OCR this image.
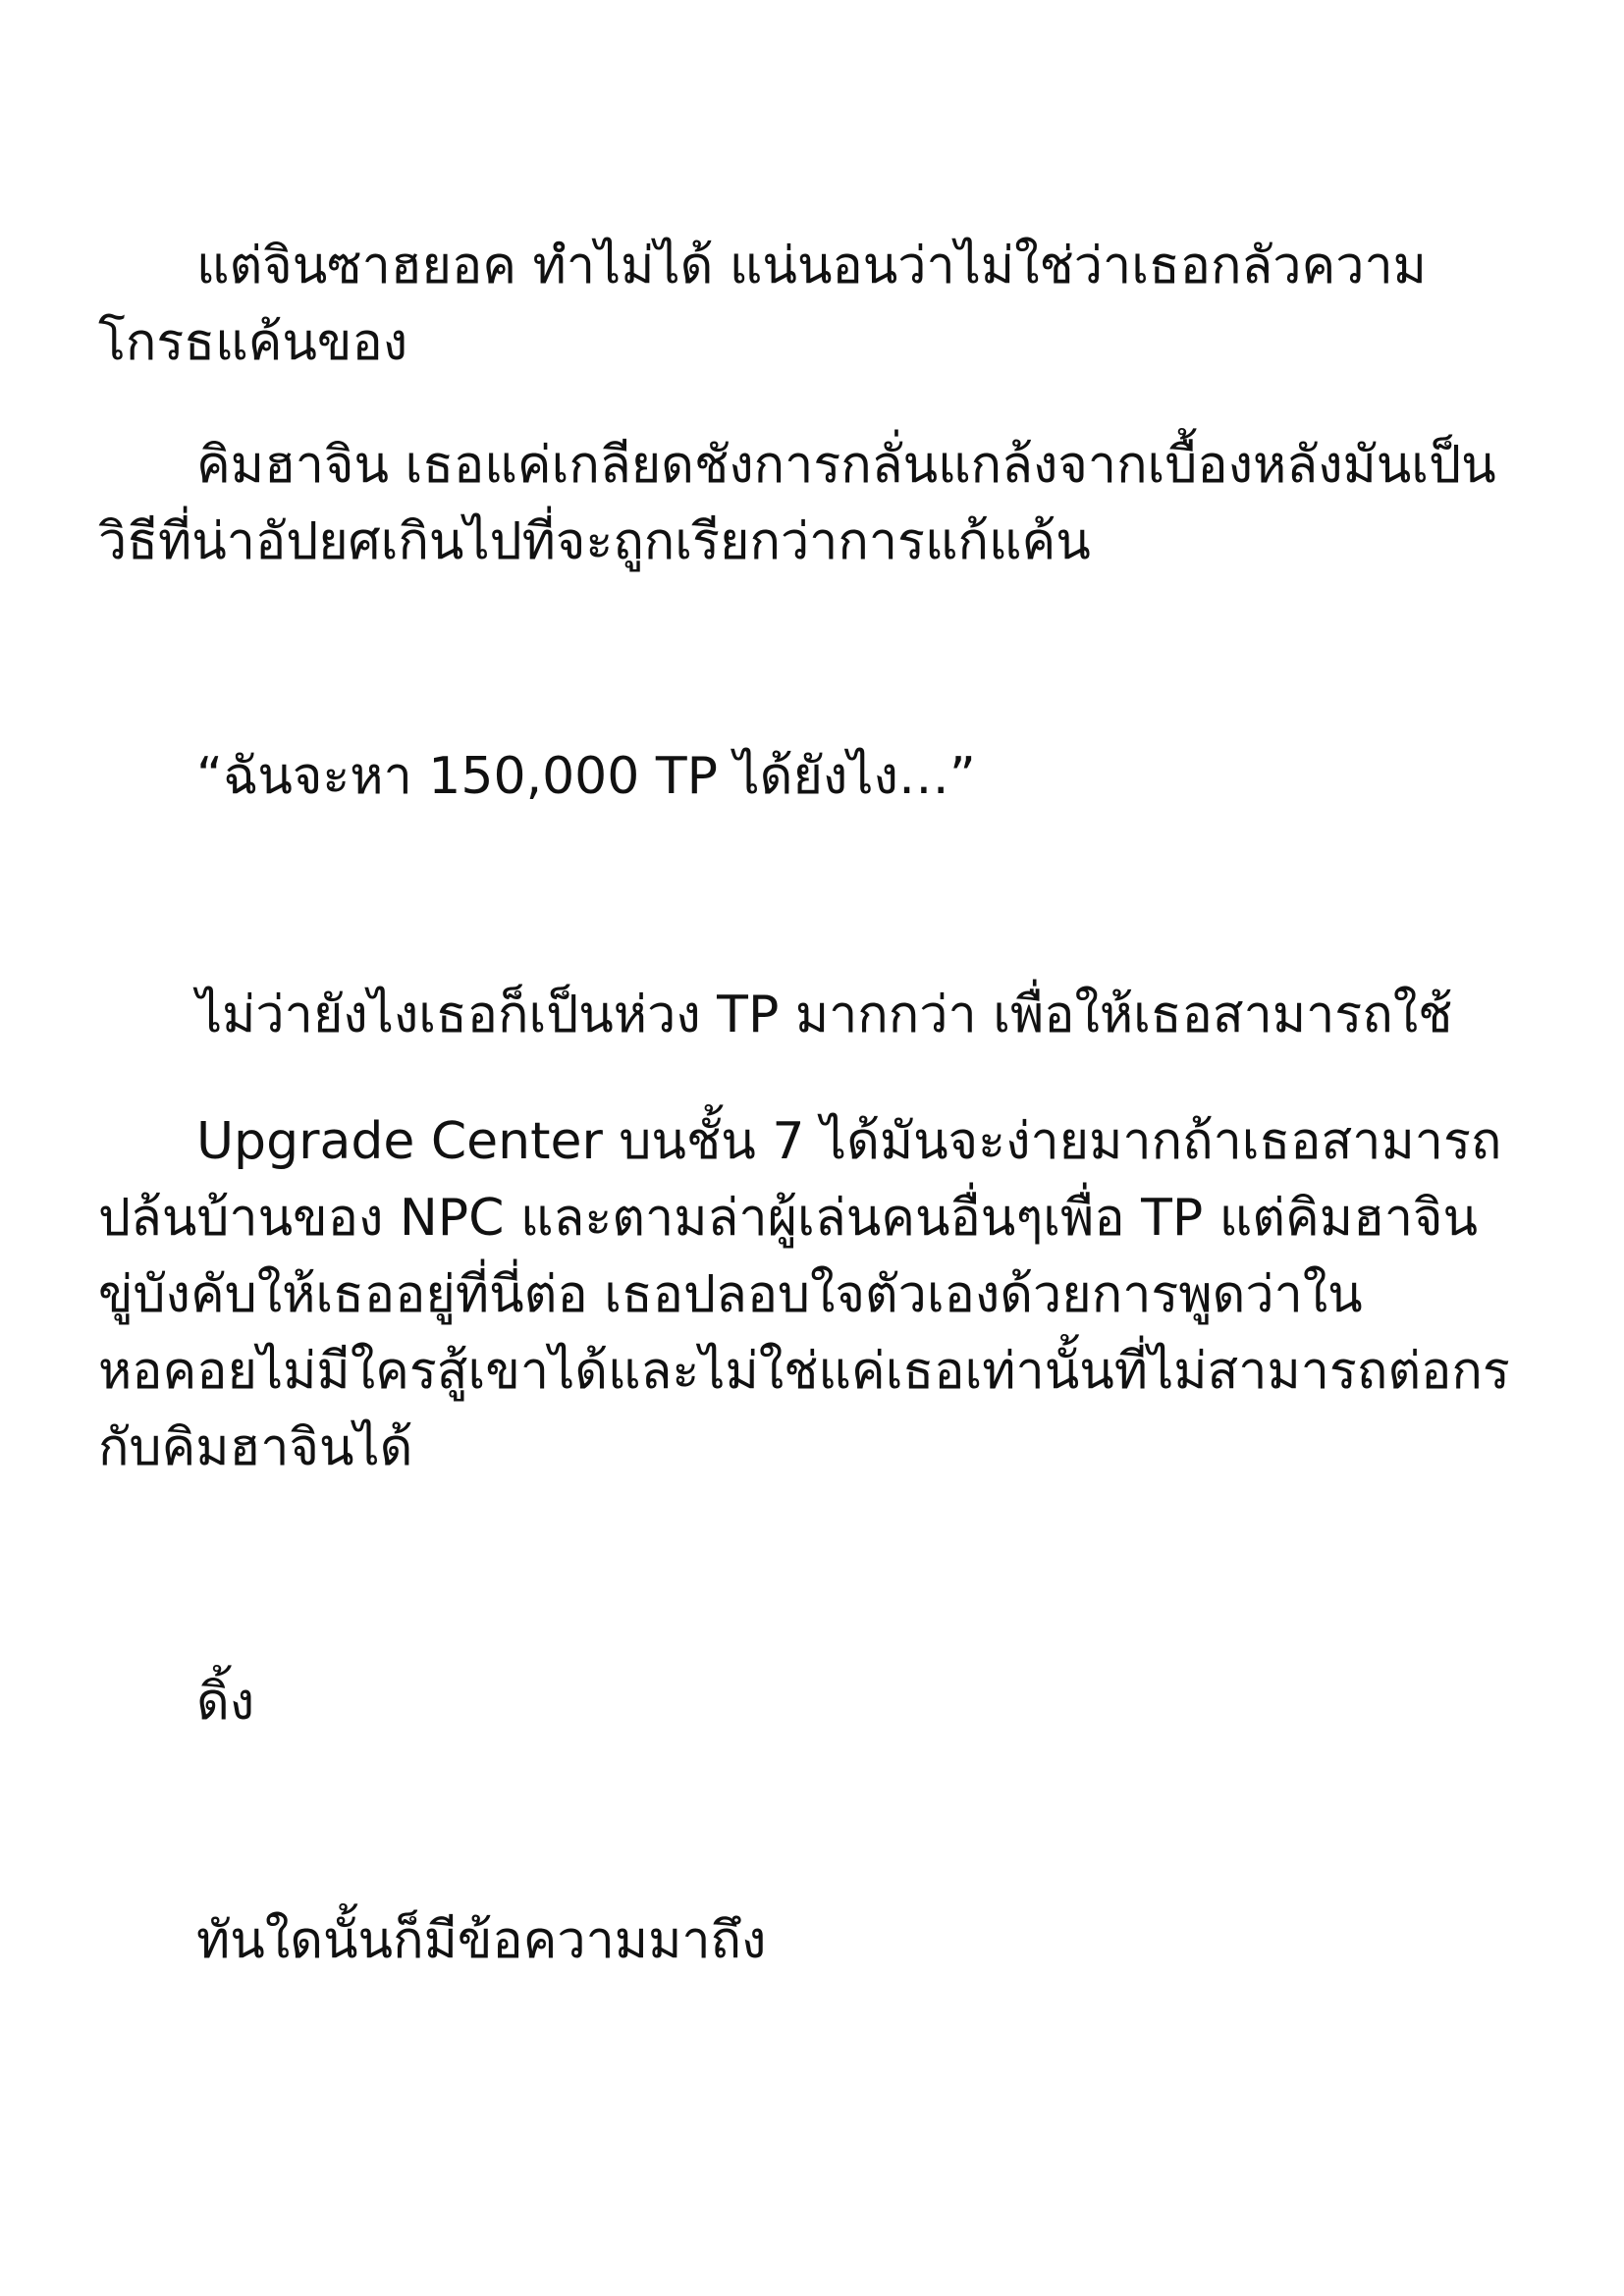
แต่จินซาฮยอค ทำไม่ได้ แน่นอนว่าไม่ใช่ว่าเธอกลัวความ
โกรธแค้นของ

คิมฮาจิน เธอแค่เกลียดชังการกลั่นแกล้งจากเบื้องหลังมันเป็น
วิธีที่น่าอัปยศเกินไปที่จะถูกเรียกว่าการแก้แค้น

“ฉันจะหา 150,000 TP ได้ยังไง…”

ไม่ว่ายังไงเธอก็เป็นห่วง TP มากกว่า เพื่อให้เธอสามารถใช้

Upgrade Center บนชั้น 7 ได้มันจะง่ายมากถ้าเธอสามารถ
ปล้นบ้านของ NPC และตามล่าผู้เล่นคนอื่นๆเพื่อ TP แต่คิมฮาจิน
ขู่บังคับให้เธออยู่ที่นี่ต่อ เธอปลอบใจตัวเองด้วยการพูดว่าใน
หอคอยไม่มีใครสู้เขาได้และไม่ใช่แค่เธอเท่านั้นที่ไม่สามารถต่อกร
กับคิมฮาจินได้

ดิ้ง

ทันใดนั้นก็มีข้อความมาถึง
